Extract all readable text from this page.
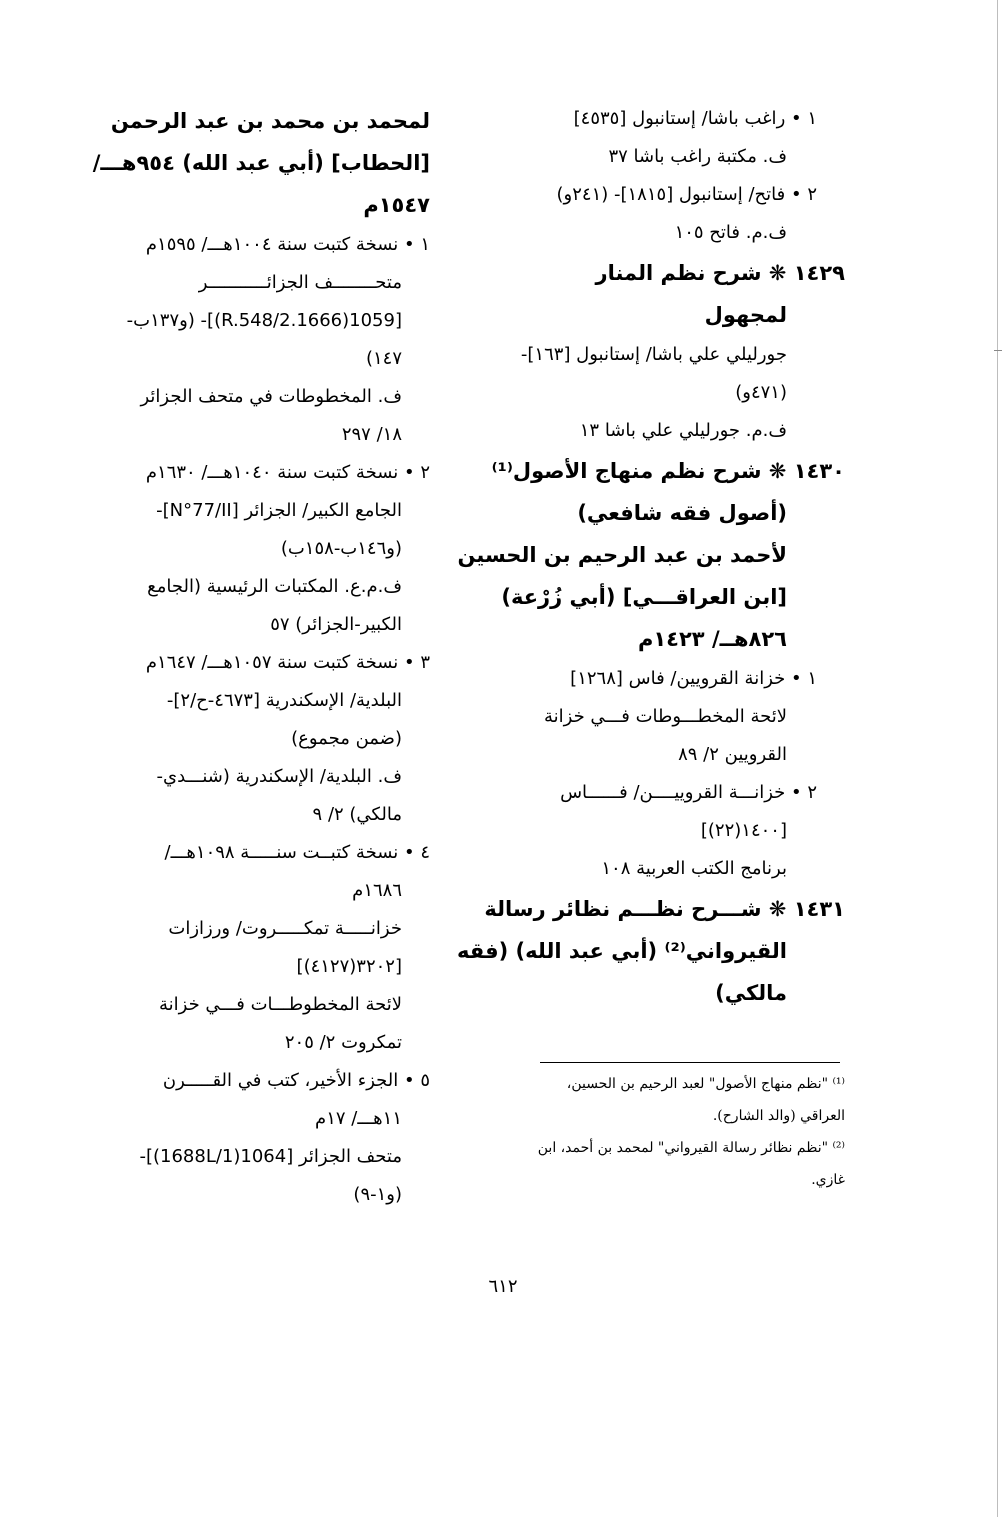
١ • راغب باشا/ إستانبول [٤٥٣٥]
ف. مكتبة راغب باشا ٣٧
٢ • فاتح/ إستانبول [١٨١٥]- (٢٤١و)
ف.م. فاتح ١٠٥
١٤٢٩ ❋ شرح نظم المنار
لمجهول
جورليلي علي باشا/ إستانبول [١٦٣]-
(٤٧١و)
ف.م. جورليلي علي باشا ١٣
١٤٣٠ ❋ شرح نظم منهاج الأصول⁽¹⁾
(أصول فقه شافعي)
لأحمد بن عبد الرحيم بن الحسين
[ابن العراقـــي] (أبي زُرْعة)
٨٢٦هــ/ ١٤٢٣م
١ • خزانة القرويين/ فاس [١٢٦٨]
لائحة المخطـــوطات فـــي خزانة
القرويين ٢/ ٨٩
٢ • خزانـــة القروييــــن/ فــــــاس
[١٤٠٠(٢٢)]
برنامج الكتب العربية ١٠٨
١٤٣١ ❋ شـــرح نظـــم نظائر رسالة
القيرواني⁽²⁾ (أبي عبد الله) (فقه
مالكي)
لمحمد بن محمد بن عبد الرحمن
[الحطاب] (أبي عبد الله) ٩٥٤هـــ/
١٥٤٧م
١ • نسخة كتبت سنة ١٠٠٤هـــ/ ١٥٩٥م
متحــــــــف الجزائـــــــــــر
[1059(1666.R.548/2)]- (و١٣٧ب-
١٤٧)
ف. المخطوطات في متحف الجزائر
١٨/ ٢٩٧
٢ • نسخة كتبت سنة ١٠٤٠هـــ/ ١٦٣٠م
الجامع الكبير/ الجزائر [N°77/II]-
(و١٤٦ب-١٥٨ب)
ف.م.ع. المكتبات الرئيسية (الجامع
الكبير-الجزائر) ٥٧
٣ • نسخة كتبت سنة ١٠٥٧هـــ/ ١٦٤٧م
البلدية/ الإسكندرية [٤٦٧٣-ح/٢]-
(ضمن مجموع)
ف. البلدية/ الإسكندرية (شنـــدي-
مالكي) ٢/ ٩
٤ • نسخة كتبــت سنـــــة ١٠٩٨هـــ/
١٦٨٦م
خزانـــــة تمكـــــروت/ ورزازات
[٣٢٠٢(٤١٢٧)]
لائحة المخطوطـــات فـــي خزانة
تمكروت ٢/ ٢٠٥
٥ • الجزء الأخير، كتب في القـــــرن
١١هـــ/ ١٧م
متحف الجزائر [1064(1688L/1)]-
(و١-٩)
⁽¹⁾ "نظم منهاج الأصول" لعبد الرحيم بن الحسين،
العراقي (والد الشارح).
⁽²⁾ "نظم نظائر رسالة القيرواني" لمحمد بن أحمد، ابن
غازي.
٦١٢
